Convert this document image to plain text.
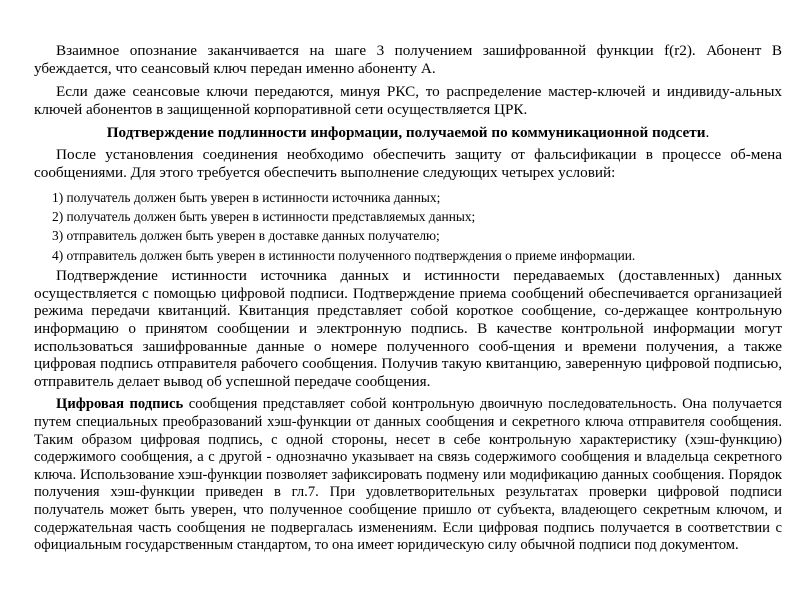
Взаимное опознание заканчивается на шаге 3 получением зашифрованной функции f(r2). Абонент B убеждается, что сеансовый ключ передан именно абоненту A.

Если даже сеансовые ключи передаются, минуя РКС, то распределение мастер-ключей и индивиду-альных ключей абонентов в защищенной корпоративной сети осуществляется ЦРК.

Подтверждение подлинности информации, получаемой по коммуникационной подсети.

После установления соединения необходимо обеспечить защиту от фальсификации в процессе об-мена сообщениями. Для этого требуется обеспечить выполнение следующих четырех условий:

1) получатель должен быть уверен в истинности источника данных;
2) получатель должен быть уверен в истинности представляемых данных;
3) отправитель должен быть уверен в доставке данных получателю;
4) отправитель должен быть уверен в истинности полученного подтверждения о приеме информации.

Подтверждение истинности источника данных и истинности передаваемых (доставленных) данных осуществляется с помощью цифровой подписи. Подтверждение приема сообщений обеспечивается организацией режима передачи квитанций. Квитанция представляет собой короткое сообщение, со-держащее контрольную информацию о принятом сообщении и электронную подпись. В качестве контрольной информации могут использоваться зашифрованные данные о номере полученного сооб-щения и времени получения, а также цифровая подпись отправителя рабочего сообщения. Получив такую квитанцию, заверенную цифровой подписью, отправитель делает вывод об успешной передаче сообщения.

Цифровая подпись сообщения представляет собой контрольную двоичную последовательность. Она получается путем специальных преобразований хэш-функции от данных сообщения и секретного ключа отправителя сообщения. Таким образом цифровая подпись, с одной стороны, несет в себе контрольную характеристику (хэш-функцию) содержимого сообщения, а с другой - однозначно указывает на связь содержимого сообщения и владельца секретного ключа. Использование хэш-функции позволяет зафиксировать подмену или модификацию данных сообщения. Порядок получения хэш-функции приведен в гл.7. При удовлетворительных результатах проверки цифровой подписи получатель может быть уверен, что полученное сообщение пришло от субъекта, владеющего секретным ключом, и содержательная часть сообщения не подвергалась изменениям. Если цифровая подпись получается в соответствии с официальным государственным стандартом, то она имеет юридическую силу обычной подписи под документом.
